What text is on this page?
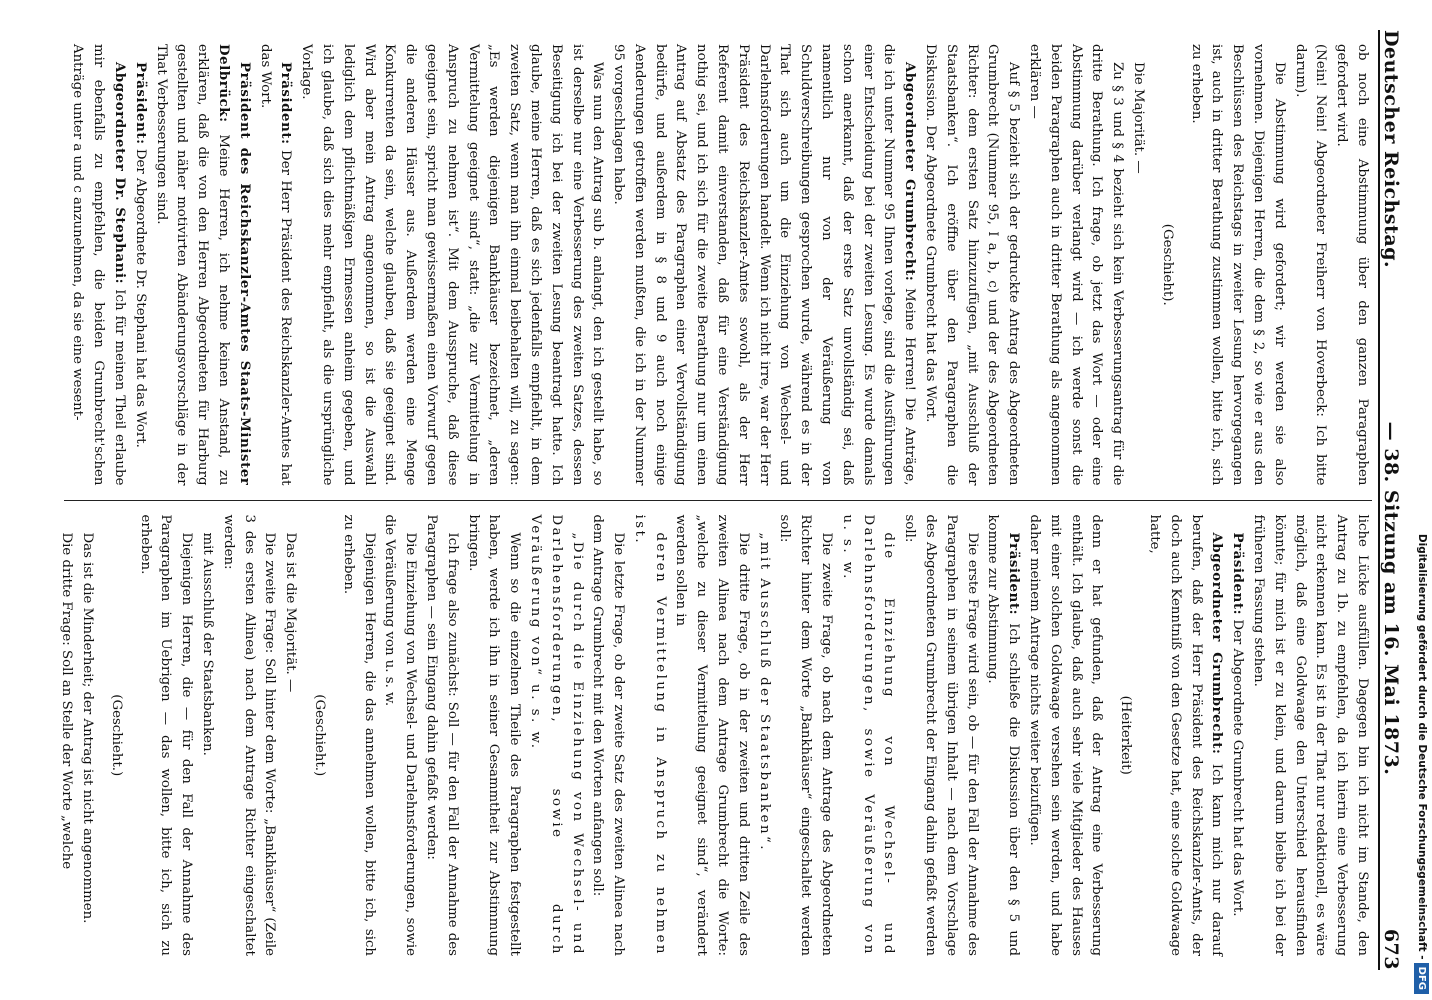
Deutscher Reichstag.
— 38. Sitzung am 16. Mai 1873.
673

ob noch eine Abstimmung über den ganzen Paragraphen gefordert wird.

(Nein! Nein! Abgeordneter Freiherr von Hoverbeck: Ich bitte darum).

Die Abstimmung wird gefordert; wir werden sie also vornehmen. Diejenigen Herren, die dem § 2, so wie er aus den Beschlüssen des Reichstags in zweiter Lesung hervorgegangen ist, auch in dritter Berathung zustimmen wollen, bitte ich, sich zu erheben.

(Geschieht).

Die Majorität. —

Zu § 3 und § 4 bezieht sich kein Verbesserungsantrag für die dritte Berathung. Ich frage, ob jetzt das Wort — oder eine Abstimmung darüber verlangt wird — ich werde sonst die beiden Paragraphen auch in dritter Berathung als angenommen erklären —

Auf § 5 bezieht sich der gedruckte Antrag des Abgeordneten Grumbrecht (Nummer 95, I a, b, c) und der des Abgeordneten Richter: dem ersten Satz hinzuzufügen, „mit Ausschluß der Staatsbanken“. Ich eröffne über den Paragraphen die Diskussion. Der Abgeordnete Grumbrecht hat das Wort.

Abgeordneter Grumbrecht: Meine Herren! Die Anträge, die ich unter Nummer 95 Ihnen vorlege, sind die Ausführungen einer Entscheidung bei der zweiten Lesung. Es wurde damals schon anerkannt, daß der erste Satz unvollständig sei, daß namentlich nur von der Veräußerung von Schuldverschreibungen gesprochen wurde, während es in der That sich auch um die Einziehung von Wechsel- und Darlehnsforderungen handelt. Wenn ich nicht irre, war der Herr Präsident des Reichskanzler-Amtes sowohl, als der Herr Referent damit einverstanden, daß für eine Verständigung nothig sei, und ich sich für die zweite Berathung nur um einen Antrag auf Abstatz des Paragraphen einer Vervollständigung bedürfe, und außerdem in § 8 und 9 auch noch einige Aenderungen getroffen werden mußten, die ich in der Nummer 95 vorgeschlagen habe.

Was nun den Antrag sub b. anlangt, den ich gestellt habe, so ist derselbe nur eine Verbesserung des zweiten Satzes, dessen Beseitigung ich bei der zweiten Lesung beantragt hatte. Ich glaube, meine Herren, daß es sich jedenfalls empfiehlt, in dem zweiten Satz, wenn man ihn einmal beibehalten will, zu sagen: „Es werden diejenigen Bankhäuser bezeichnet, „deren Vermittelung geeignet sind“, statt: „die zur Vermittelung in Anspruch zu nehmen ist“. Mit dem Ausspruche, daß diese geeignet sein, spricht man gewissermaßen einen Vorwurf gegen die anderen Häuser aus. Außerdem werden eine Menge Konkurrenten da sein, welche glauben, daß sie geeignet sind. Wird aber mein Antrag angenommen, so ist die Auswahl lediglich dem pflichtmäßigen Ermessen anheim gegeben, und ich glaube, daß sich dies mehr empfiehlt, als die ursprüngliche Vorlage.

Präsident: Der Herr Präsident des Reichskanzler-Amtes hat das Wort.

Präsident des Reichskanzler-Amtes Staats-Minister Delbrück: Meine Herren, ich nehme keinen Anstand, zu erklären, daß die von den Herren Abgeordneten für Harburg gestellten und näher motivirten Abänderungsvorschläge in der That Verbesserungen sind.

Präsident: Der Abgeordnete Dr. Stephani hat das Wort.

Abgeordneter Dr. Stephani: Ich für meinen Theil erlaube mir ebenfalls zu empfehlen, die beiden Grumbrecht'schen Anträge unter a und c anzunehmen, da sie eine wesent-

liche Lücke ausfüllen. Dagegen bin ich nicht im Stande, den Antrag zu 1b. zu empfehlen, da ich hierin eine Verbesserung nicht erkennen kann. Es ist in der That nur redaktionell, es wäre möglich, daß eine Goldwaage den Unterschied herausfinden könnte; für mich ist er zu klein, und darum bleibe ich bei der früheren Fassung stehen.

Präsident: Der Abgeordnete Grumbrecht hat das Wort.

Abgeordneter Grumbrecht: Ich kann mich nur darauf berufen, daß der Herr Präsident des Reichskanzler-Amts, der doch auch Kenntniß von den Gesetze hat, eine solche Goldwaage hatte,

(Heiterkeit)

denn er hat gefunden, daß der Antrag eine Verbesserung enthält. Ich glaube, daß auch sehr viele Mitglieder des Hauses mit einer solchen Goldwaage versehen sein werden, und habe daher meinem Antrage nichts weiter beizufügen.

Präsident: Ich schließe die Diskussion über den § 5 und komme zur Abstimmung.

Die erste Frage wird sein, ob — für den Fall der Annahme des Paragraphen in seinem übrigen Inhalt — nach dem Vorschlage des Abgeordneten Grumbrecht der Eingang dahin gefaßt werden soll:

die Einziehung von Wechsel- und Darlehnsforderungen, sowie Veräußerung von u. s. w.

Die zweite Frage, ob nach dem Antrage des Abgeordneten Richter hinter dem Worte „Bankhäuser“ eingeschaltet werden soll:

„mit Ausschluß der Staatsbanken“.

Die dritte Frage, ob in der zweiten und dritten Zeile des zweiten Alinea nach dem Antrage Grumbrecht die Worte: „welche zu dieser Vermittelung geeignet sind“, verändert werden sollen in

deren Vermittelung in Anspruch zu nehmen ist.

Die letzte Frage, ob der zweite Satz des zweiten Alinea nach dem Antrage Grumbrecht mit den Worten anfangen soll:

„Die durch die Einziehung von Wechsel- und Darlehensforderungen, sowie durch Veräußerung von“ u. s. w.

Wenn so die einzelnen Theile des Paragraphen festgestellt haben, werde ich ihn in seiner Gesammtheit zur Abstimmung bringen.

Ich frage also zunächst: Soll — für den Fall der Annahme des Paragraphen — sein Eingang dahin gefaßt werden:

Die Einziehung von Wechsel- und Darlehnsforderungen, sowie die Veräußerung von u. s. w.

Diejenigen Herren, die das annehmen wollen, bitte ich, sich zu erheben.

(Geschieht.)

Das ist die Majorität. —

Die zweite Frage: Soll hinter dem Worte: „Bankhäuser“ (Zeile 3 des ersten Alinea) nach dem Antrage Richter eingeschaltet werden:

mit Ausschluß der Staatsbanken.

Diejenigen Herren, die — für den Fall der Annahme des Paragraphen im Uebrigen — das wollen, bitte ich, sich zu erheben.

(Geschieht.)

Das ist die Minderheit; der Antrag ist nicht angenommen.

Die dritte Frage: Soll an Stelle der Worte „welche	Digitalisierung gefördert durch die Deutsche Forschungsgemeinschaft -DFG
